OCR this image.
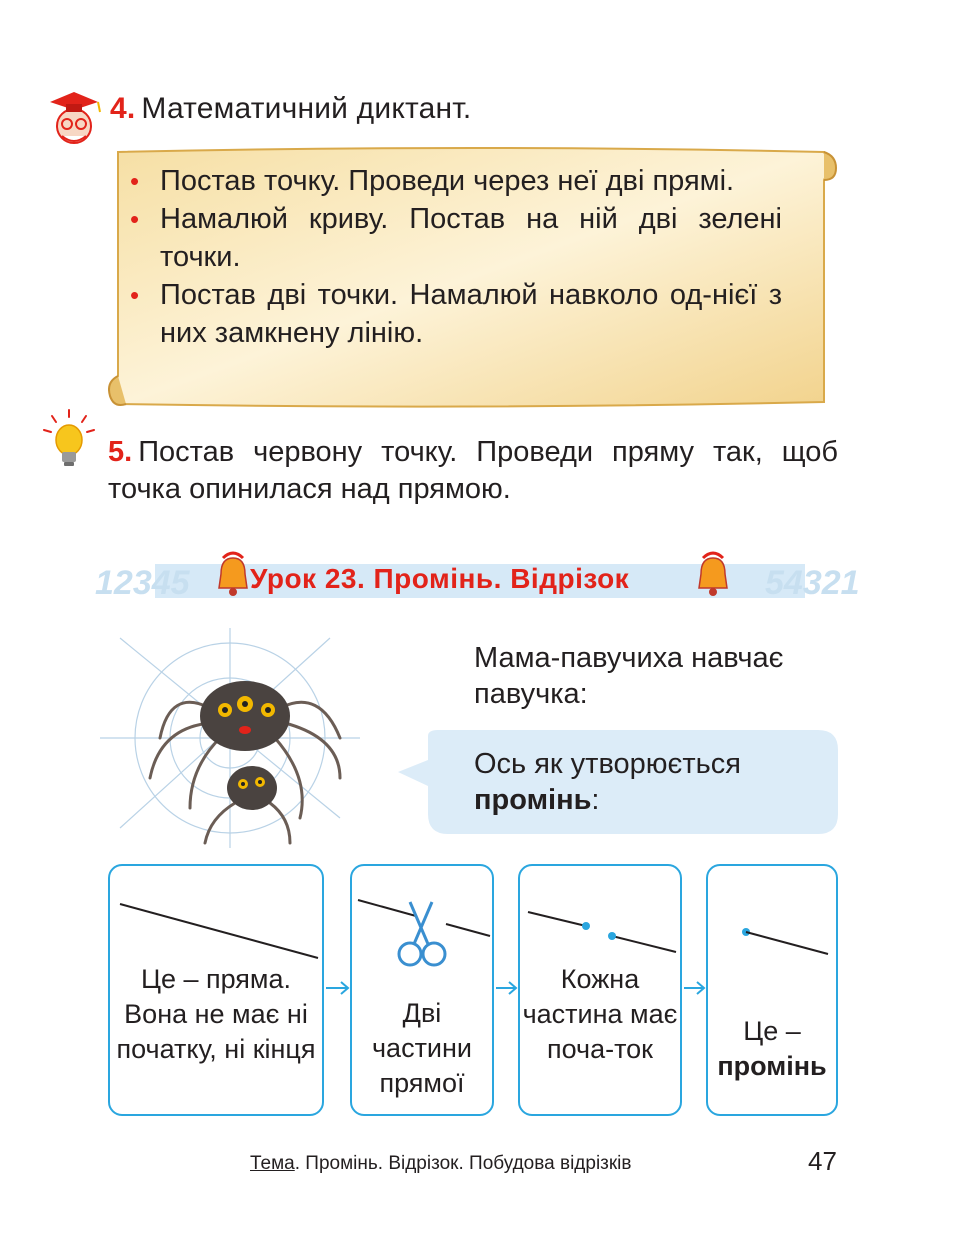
4. Математичний диктант.
• Постав точку. Проведи через неї дві прямі.
• Намалюй криву. Постав на ній дві зелені точки.
• Постав дві точки. Намалюй навколо од-нієї з них замкнену лінію.
5. Постав червону точку. Проведи пряму так, щоб точка опинилася над прямою.
12345	54321
Урок 23. Промінь. Відрізок
Мама-павучиха навчає павучка:
Ось як утворюється
промінь:
Це – пряма. Вона не має ні початку, ні кінця
Дві частини прямої
Кожна частина має поча-ток
Це –
промінь
Тема. Промінь. Відрізок. Побудова відрізків	47
